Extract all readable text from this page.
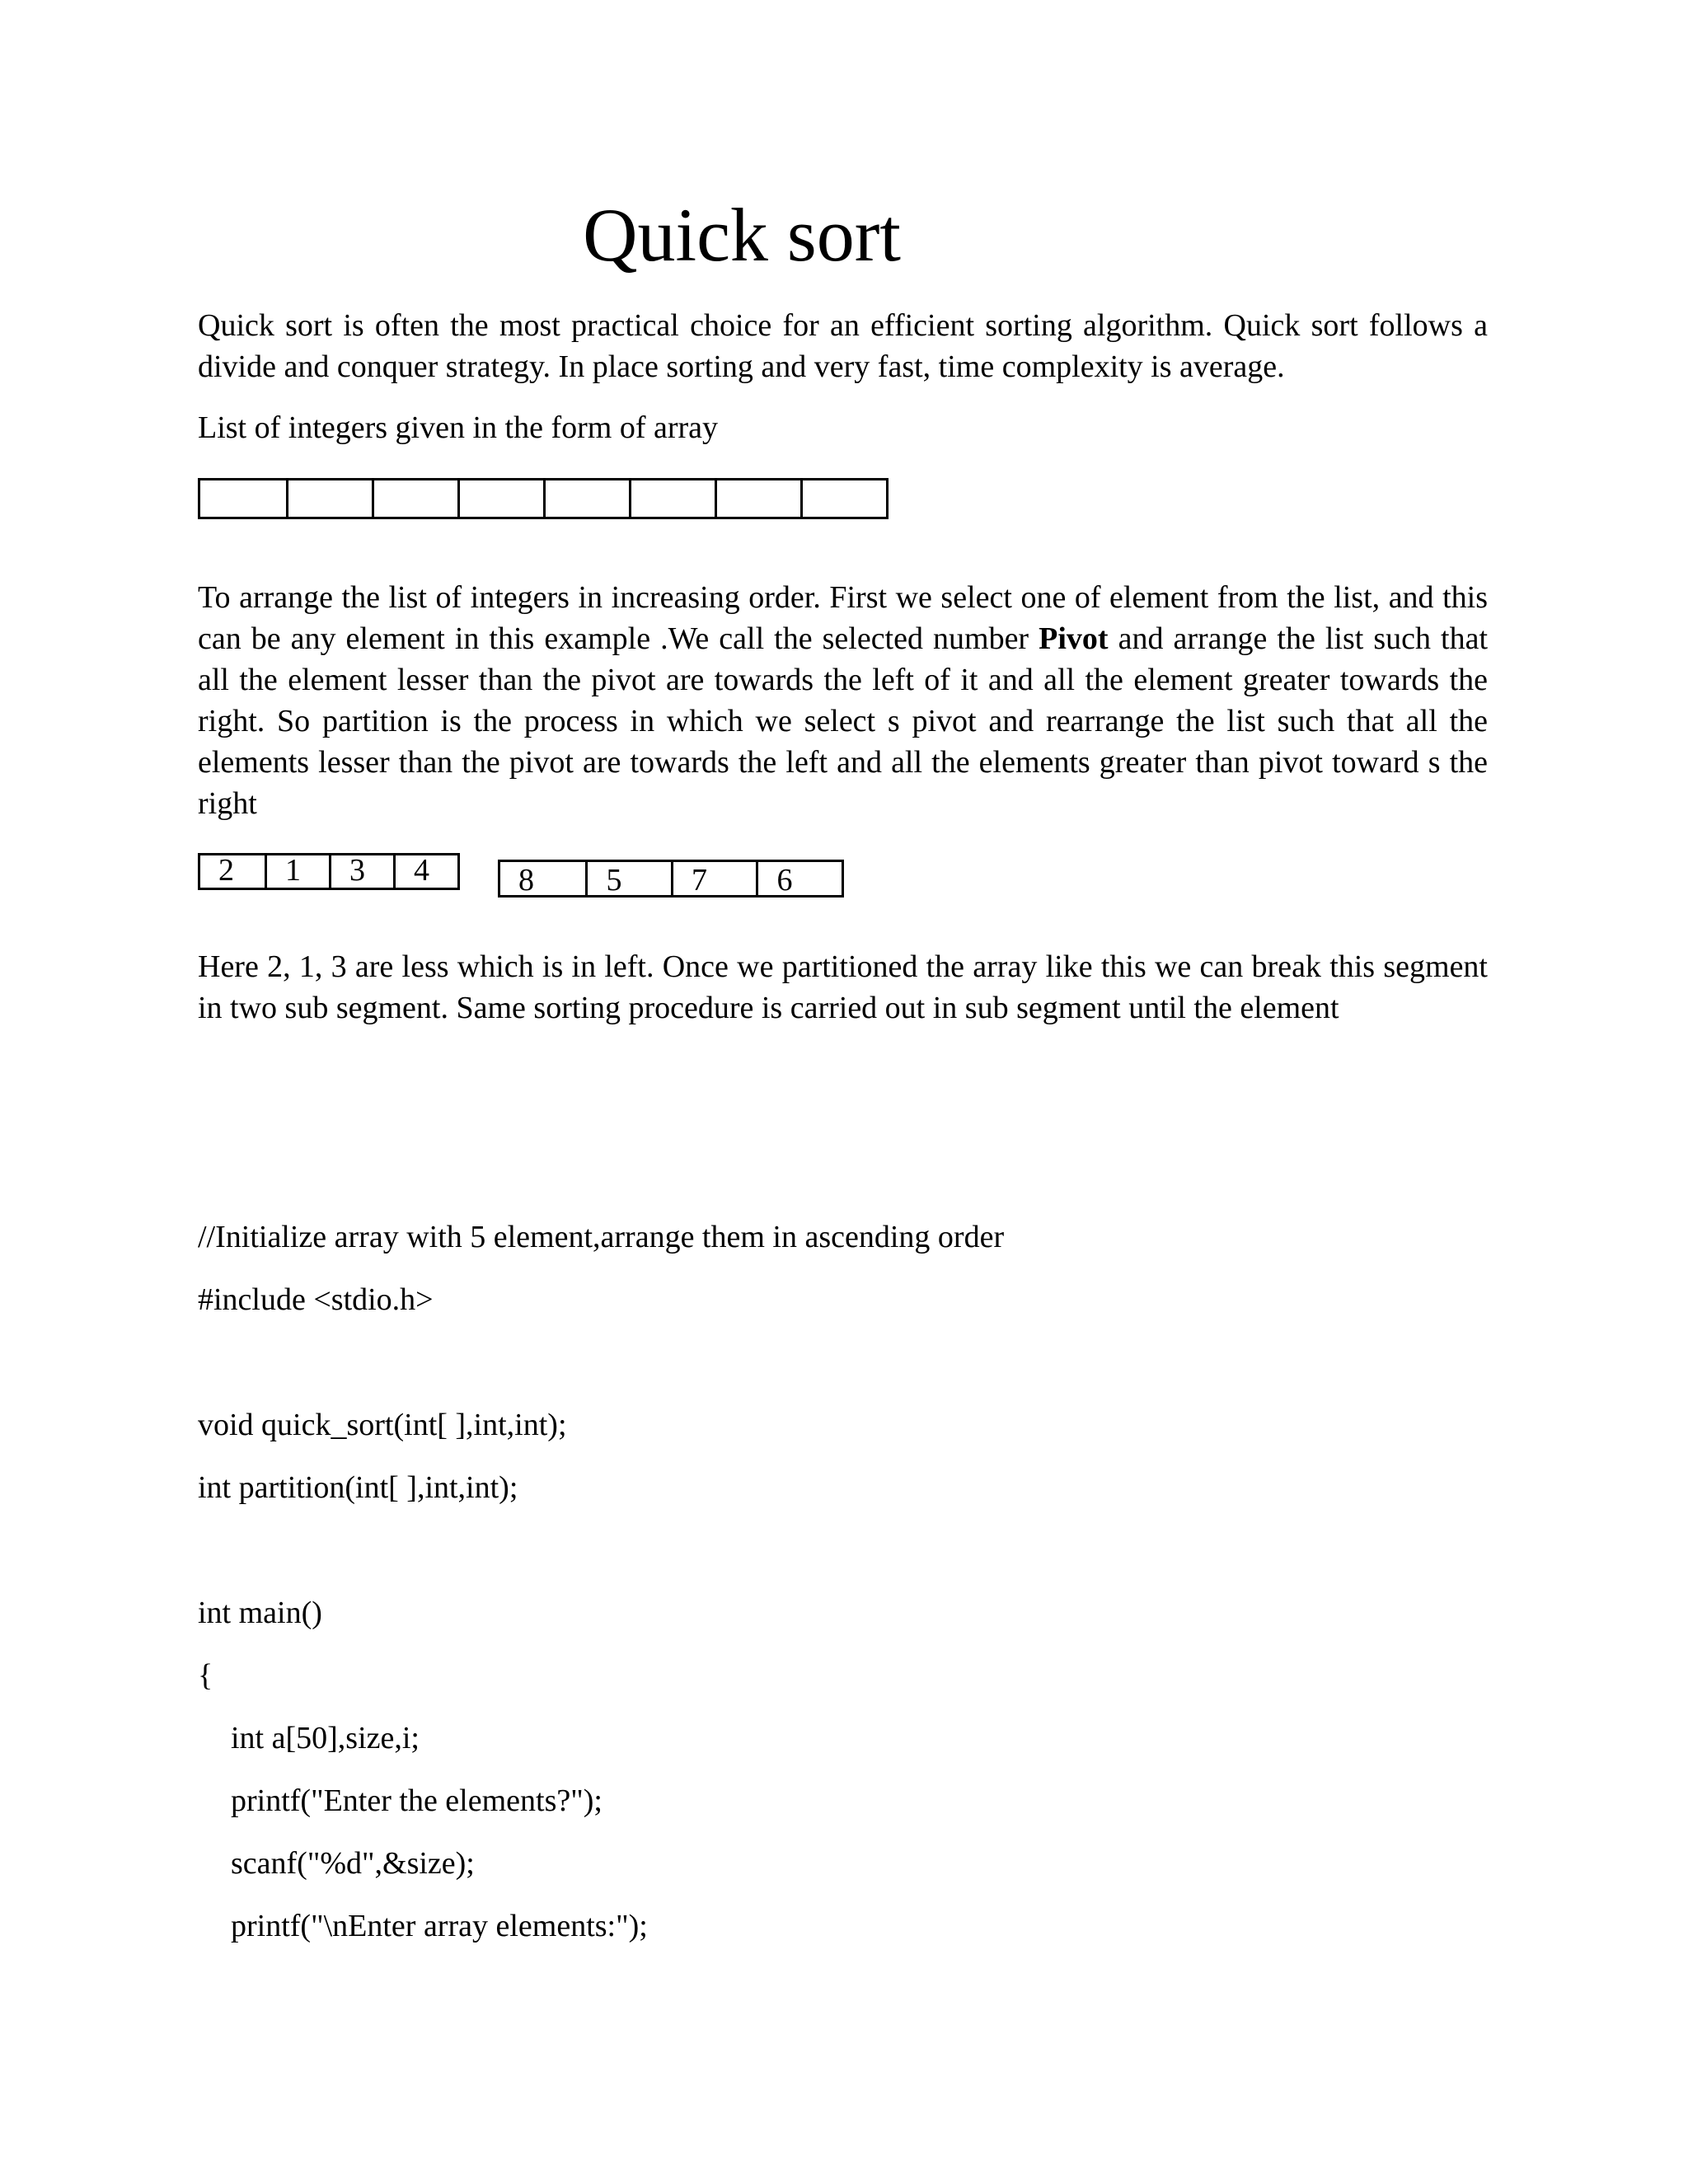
Quick sort

Quick sort is often the most practical choice for an efficient sorting algorithm. Quick sort follows a divide and conquer strategy. In place sorting and very fast, time complexity is average.

List of integers given in the form of array

To arrange the list of integers in increasing order. First we select one of element from the list, and this can be any element in this example .We call the selected number Pivot and arrange the list such that all the element lesser than the pivot are towards the left of it and all the element greater towards the right. So partition is the process in which we select s pivot and rearrange the list such that all the elements lesser than the pivot are towards the left and all the elements greater than pivot toward s the right

2	1	3	4	8	5	7	6

Here 2, 1, 3 are less which is in left. Once we partitioned the array like this we can break this segment in two sub segment. Same sorting procedure is carried out in sub segment until the element

//Initialize array with 5 element,arrange them in ascending order

#include <stdio.h>

void quick_sort(int[ ],int,int);

int partition(int[ ],int,int);

int main()

{

int a[50],size,i;

printf("Enter the elements?");

scanf("%d",&size);

printf("\nEnter array elements:");
